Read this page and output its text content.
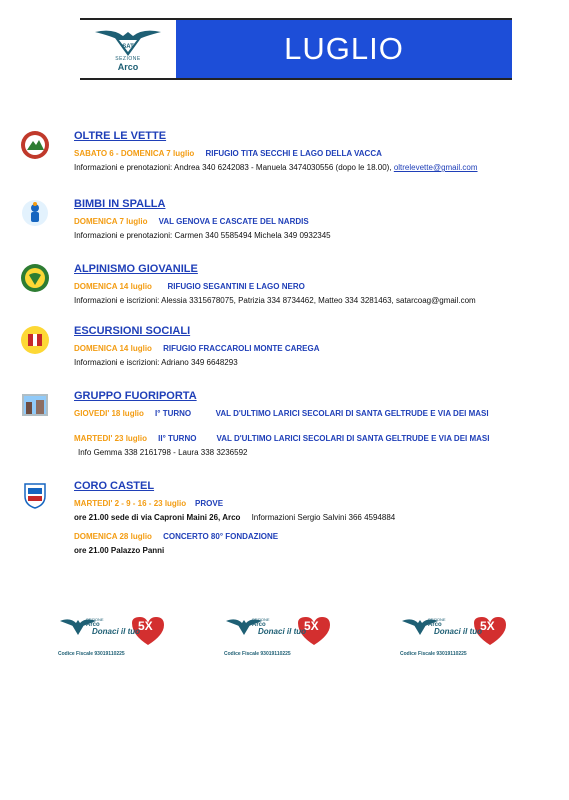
SAT
SEZIONE
Arco
LUGLIO
OLTRE LE VETTE
SABATO 6 - DOMENICA 7 luglio RIFUGIO TITA SECCHI E LAGO DELLA VACCA
Informazioni e prenotazioni: Andrea 340 6242083 - Manuela 3474030556 (dopo le 18.00), oltrelevette@gmail.com
BIMBI IN SPALLA
DOMENICA 7 luglio VAL GENOVA E CASCATE DEL NARDIS
Informazioni e prenotazioni: Carmen 340 5585494 Michela 349 0932345
ALPINISMO GIOVANILE
DOMENICA 14 luglio RIFUGIO SEGANTINI E LAGO NERO
Informazioni e iscrizioni: Alessia 3315678075, Patrizia 334 8734462, Matteo 334 3281463, satarcoag@gmail.com
ESCURSIONI SOCIALI
DOMENICA 14 luglio RIFUGIO FRACCAROLI MONTE CAREGA
Informazioni e iscrizioni: Adriano 349 6648293
GRUPPO FUORIPORTA
GIOVEDI' 18 luglio I° TURNO	VAL D'ULTIMO LARICI SECOLARI DI SANTA GELTRUDE E VIA DEI MASI
MARTEDI' 23 luglio II° TURNO	VAL D'ULTIMO LARICI SECOLARI DI SANTA GELTRUDE E VIA DEI MASI
Info Gemma 338 2161798 - Laura 338 3236592
CORO CASTEL
MARTEDI' 2 - 9 - 16 - 23 luglio PROVE
ore 21.00 sede di via Caproni Maini 26, Arco Informazioni Sergio Salvini 366 4594884
DOMENICA 28 luglio CONCERTO 80° FONDAZIONE
ore 21.00 Palazzo Panni
SEZIONE
Arco
Donaci il tuo
5X
Codice Fiscale 93019110225
SEZIONE
Arco
Donaci il tuo
5X
Codice Fiscale 93019110225
SEZIONE
Arco
Donaci il tuo
5X
Codice Fiscale 93019110225
